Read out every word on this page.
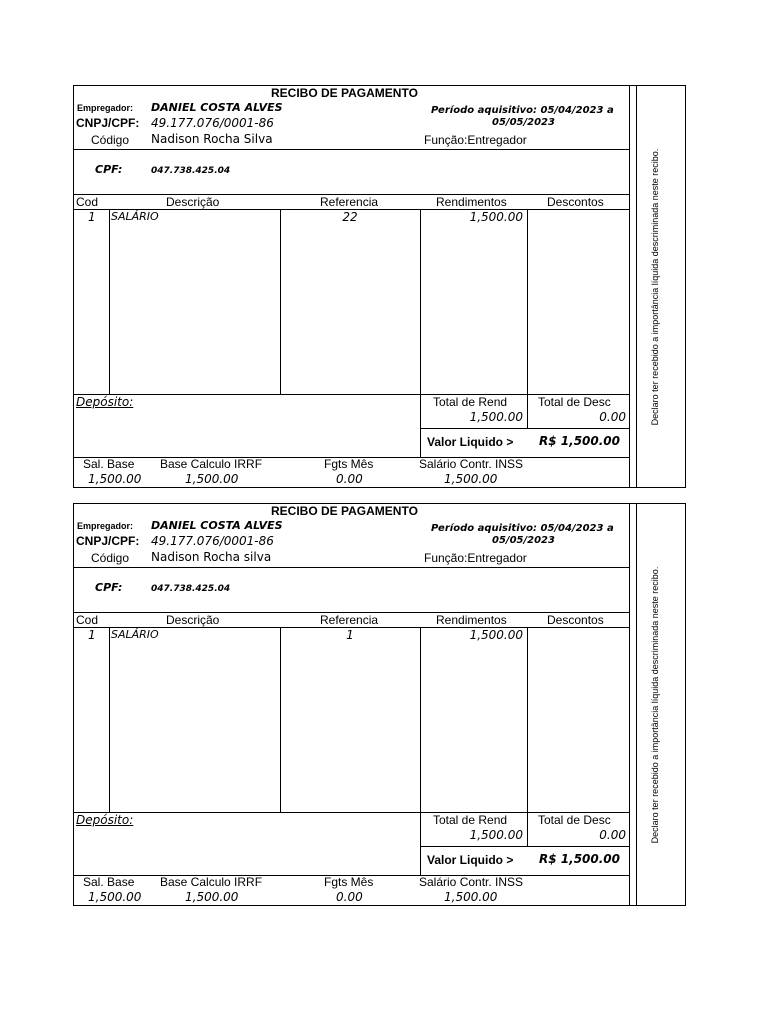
RECIBO DE PAGAMENTO
Empregador: DANIEL COSTA ALVES
CNPJ/CPF: 49.177.076/0001-86
Período aquisitivo: 05/04/2023 a
05/05/2023
Código Nadison Rocha Silva	Função:Entregador
CPF:	047.738.425.04
Cod	Descrição	Referencia	Rendimentos	Descontos
1 SALÁRIO	22	1,500.00
Depósito:	Total de Rend
1,500.00
Total de Desc
0.00
Valor Liquido > R$ 1,500.00
Sal. Base
1,500.00
Base Calculo IRRF
1,500.00
Fgts Mês
0.00
Salário Contr. INSS
1,500.00
Declaro ter recebido a importância líquida descriminada neste recibo.
RECIBO DE PAGAMENTO
Empregador: DANIEL COSTA ALVES
CNPJ/CPF: 49.177.076/0001-86
Período aquisitivo: 05/04/2023 a
05/05/2023
Código Nadison Rocha silva	Função:Entregador
CPF:	047.738.425.04
Cod	Descrição	Referencia	Rendimentos	Descontos
1 SALÁRIO	1	1,500.00
Depósito:	Total de Rend
1,500.00
Total de Desc
0.00
Valor Liquido > R$ 1,500.00
Sal. Base
1,500.00
Base Calculo IRRF
1,500.00
Fgts Mês
0.00
Salário Contr. INSS
1,500.00
Declaro ter recebido a importância líquida descriminada neste recibo.
